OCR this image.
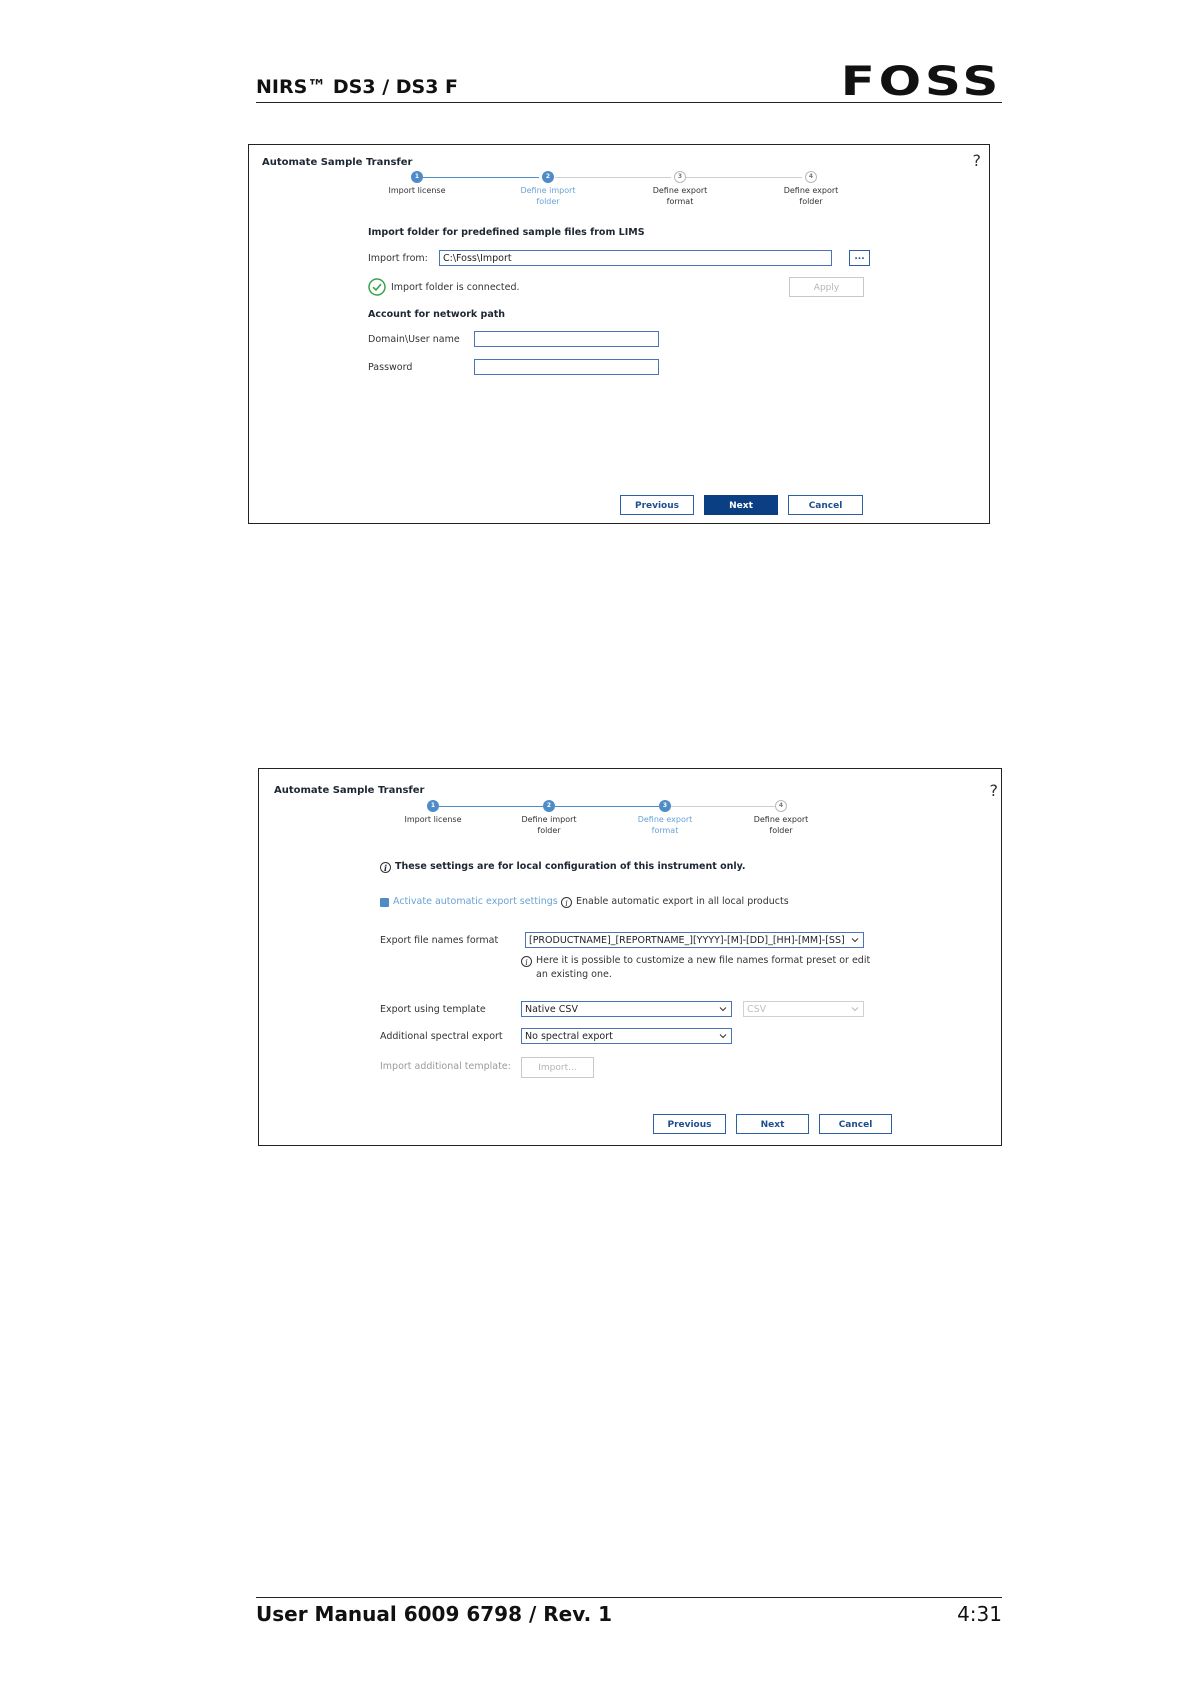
NIRS™ DS3 / DS3 F	FOSS
Automate Sample Transfer	?
1
Import license
2
Define import
folder
3
Define export
format
4
Define export
folder
Import folder for predefined sample files from LIMS
Import from:	C:\Foss\Import	...
Import folder is connected.	Apply
Account for network path
Domain\User name
Password
Previous	Next	Cancel
Automate Sample Transfer	?
1
Import license
2
Define import
folder
3
Define export
format
4
Define export
folder
i These settings are for local configuration of this instrument only.
Activate automatic export settings i Enable automatic export in all local products
Export file names format	[PRODUCTNAME]_[REPORTNAME_][YYYY]-[M]-[DD]_[HH]-[MM]-[SS]
i Here it is possible to customize a new file names format preset or edit
an existing one.
Export using template	Native CSV	CSV
Additional spectral export	No spectral export
Import additional template:	Import...
Previous	Next	Cancel
User Manual 6009 6798 / Rev. 1	4:31
